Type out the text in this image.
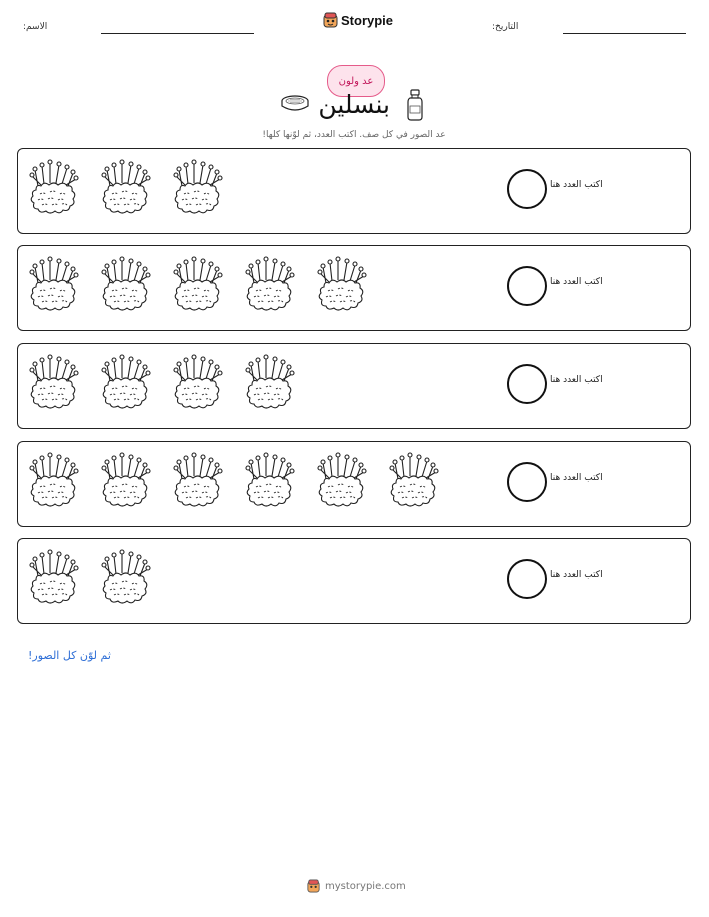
التاريخ:
Storypie
الاسم:
عد ولون
بنسلين
عد الصور في كل صف. اكتب العدد، ثم لوّنها كلها!
اكتب العدد هنا
اكتب العدد هنا
اكتب العدد هنا
اكتب العدد هنا
اكتب العدد هنا
ثم لوّن كل الصور!
mystorypie.com
